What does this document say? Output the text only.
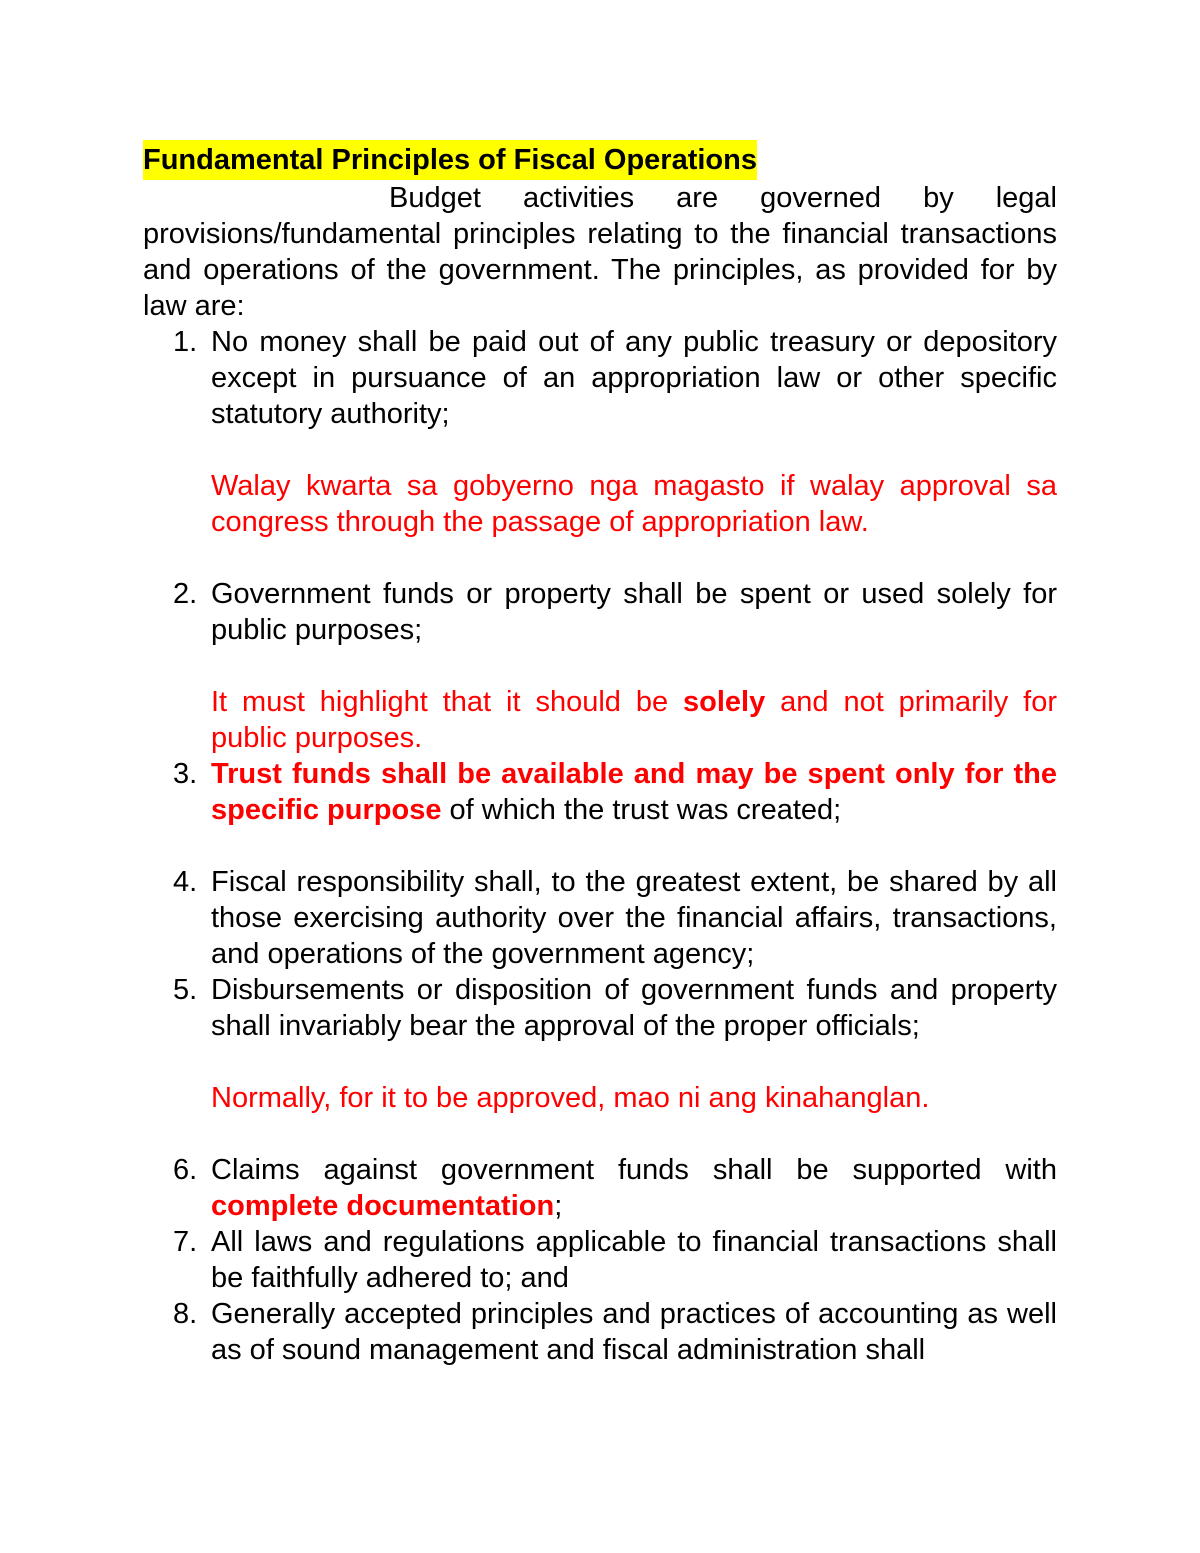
Fundamental Principles of Fiscal Operations

Budget activities are governed by legal provisions/fundamental principles relating to the financial transactions and operations of the government. The principles, as provided for by law are:

1. No money shall be paid out of any public treasury or depository except in pursuance of an appropriation law or other specific statutory authority;
Walay kwarta sa gobyerno nga magasto if walay approval sa congress through the passage of appropriation law.
2. Government funds or property shall be spent or used solely for public purposes;
It must highlight that it should be solely and not primarily for public purposes.
3. Trust funds shall be available and may be spent only for the specific purpose of which the trust was created;
4. Fiscal responsibility shall, to the greatest extent, be shared by all those exercising authority over the financial affairs, transactions, and operations of the government agency;
5. Disbursements or disposition of government funds and property shall invariably bear the approval of the proper officials;
Normally, for it to be approved, mao ni ang kinahanglan.
6. Claims against government funds shall be supported with complete documentation;
7. All laws and regulations applicable to financial transactions shall be faithfully adhered to; and
8. Generally accepted principles and practices of accounting as well as of sound management and fiscal administration shall
